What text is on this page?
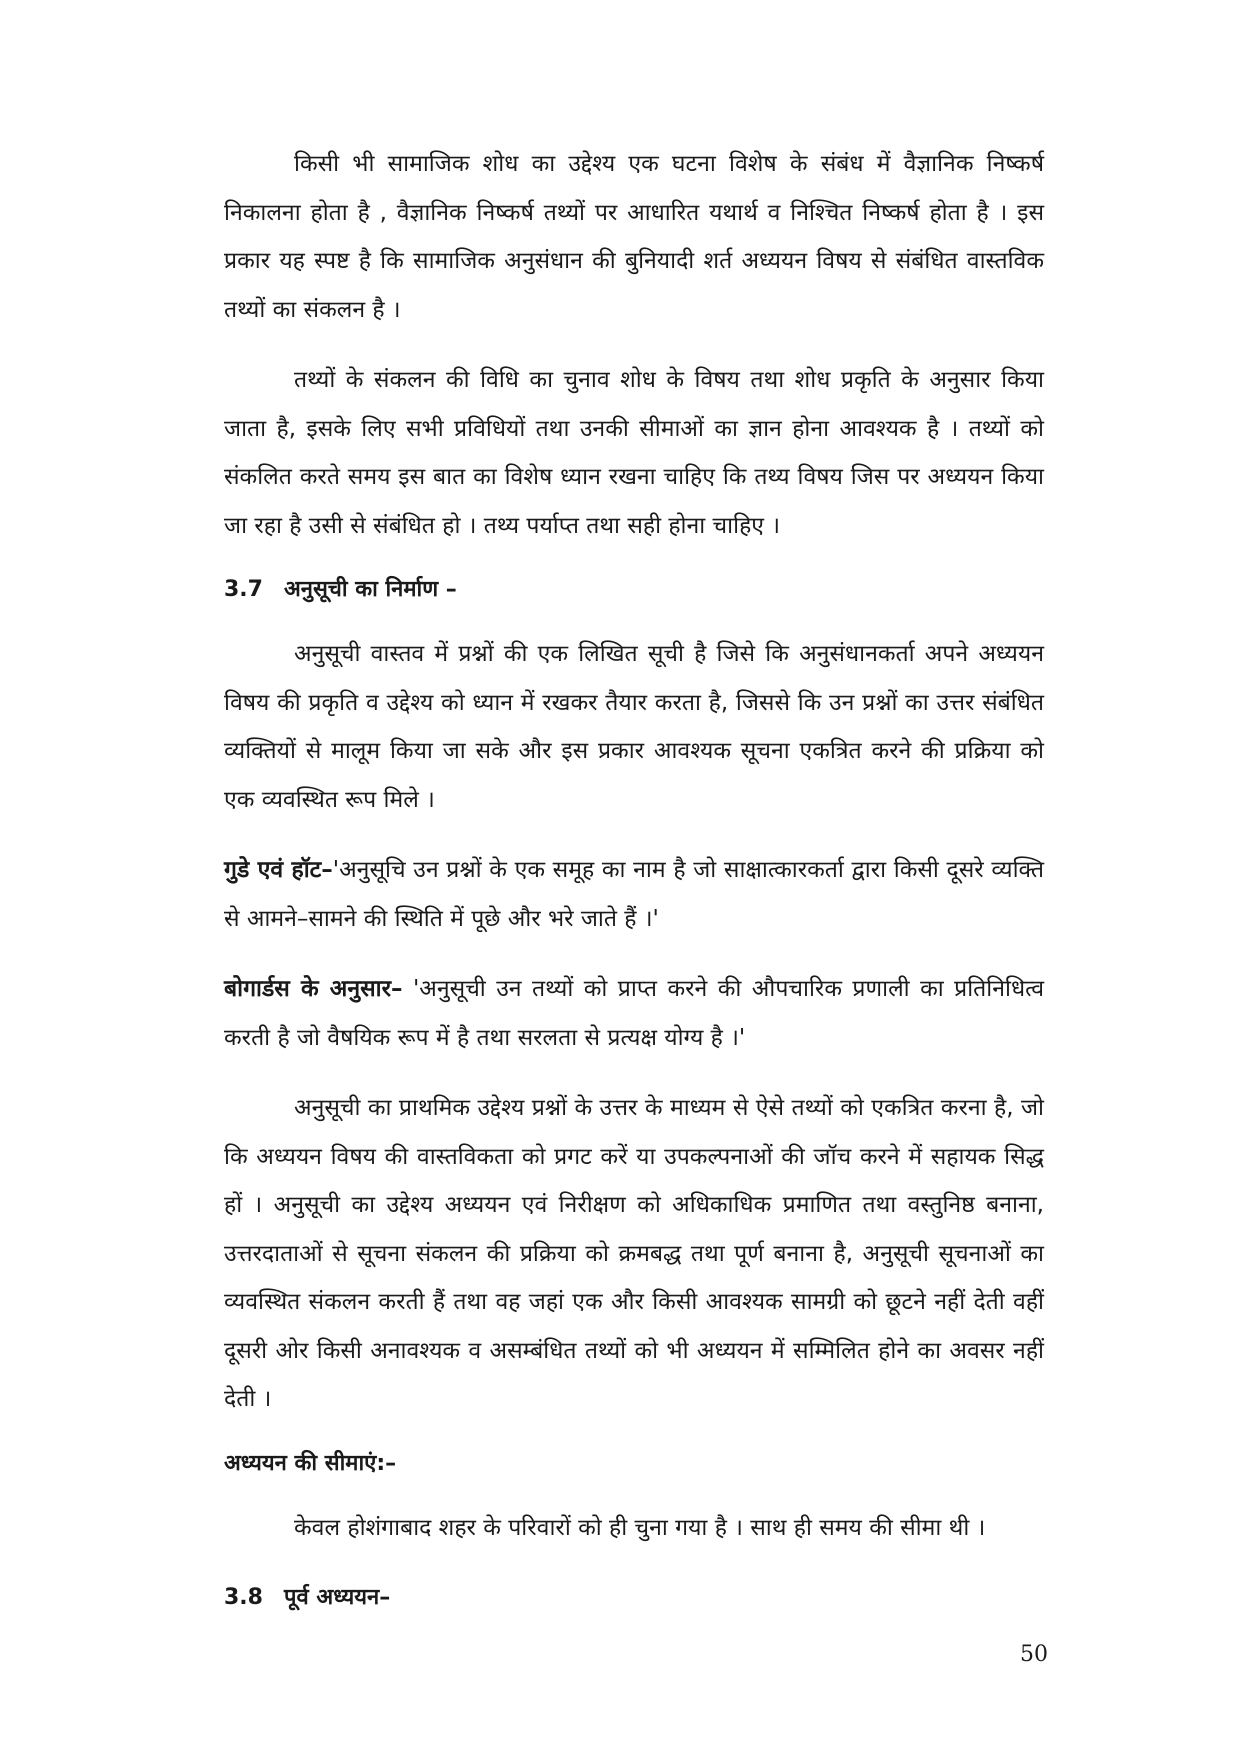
किसी भी सामाजिक शोध का उद्देश्य एक घटना विशेष के संबंध में वैज्ञानिक निष्कर्ष निकालना होता है , वैज्ञानिक निष्कर्ष तथ्यों पर आधारित यथार्थ व निश्चित निष्कर्ष होता है । इस प्रकार यह स्पष्ट है कि सामाजिक अनुसंधान की बुनियादी शर्त अध्ययन विषय से संबंधित वास्तविक तथ्यों का संकलन है ।

तथ्यों के संकलन की विधि का चुनाव शोध के विषय तथा शोध प्रकृति के अनुसार किया जाता है, इसके लिए सभी प्रविधियों तथा उनकी सीमाओं का ज्ञान होना आवश्यक है । तथ्यों को संकलित करते समय इस बात का विशेष ध्यान रखना चाहिए कि तथ्य विषय जिस पर अध्ययन किया जा रहा है उसी से संबंधित हो । तथ्य पर्याप्त तथा सही होना चाहिए ।

3.7 अनुसूची का निर्माण –

अनुसूची वास्तव में प्रश्नों की एक लिखित सूची है जिसे कि अनुसंधानकर्ता अपने अध्ययन विषय की प्रकृति व उद्देश्य को ध्यान में रखकर तैयार करता है, जिससे कि उन प्रश्नों का उत्तर संबंधित व्यक्तियों से मालूम किया जा सके और इस प्रकार आवश्यक सूचना एकत्रित करने की प्रक्रिया को एक व्यवस्थित रूप मिले ।

गुडे एवं हॉट–'अनुसूचि उन प्रश्नों के एक समूह का नाम है जो साक्षात्कारकर्ता द्वारा किसी दूसरे व्यक्ति से आमने–सामने की स्थिति में पूछे और भरे जाते हैं ।'

बोगार्डस के अनुसार– 'अनुसूची उन तथ्यों को प्राप्त करने की औपचारिक प्रणाली का प्रतिनिधित्व करती है जो वैषयिक रूप में है तथा सरलता से प्रत्यक्ष योग्य है ।'

अनुसूची का प्राथमिक उद्देश्य प्रश्नों के उत्तर के माध्यम से ऐसे तथ्यों को एकत्रित करना है, जो कि अध्ययन विषय की वास्तविकता को प्रगट करें या उपकल्पनाओं की जॉच करने में सहायक सिद्ध हों । अनुसूची का उद्देश्य अध्ययन एवं निरीक्षण को अधिकाधिक प्रमाणित तथा वस्तुनिष्ठ बनाना, उत्तरदाताओं से सूचना संकलन की प्रक्रिया को क्रमबद्ध तथा पूर्ण बनाना है, अनुसूची सूचनाओं का व्यवस्थित संकलन करती हैं तथा वह जहां एक और किसी आवश्यक सामग्री को छूटने नहीं देती वहीं दूसरी ओर किसी अनावश्यक व असम्बंधित तथ्यों को भी अध्ययन में सम्मिलित होने का अवसर नहीं देती ।

अध्ययन की सीमाएं:–

केवल होशंगाबाद शहर के परिवारों को ही चुना गया है । साथ ही समय की सीमा थी ।

3.8 पूर्व अध्ययन–
50
